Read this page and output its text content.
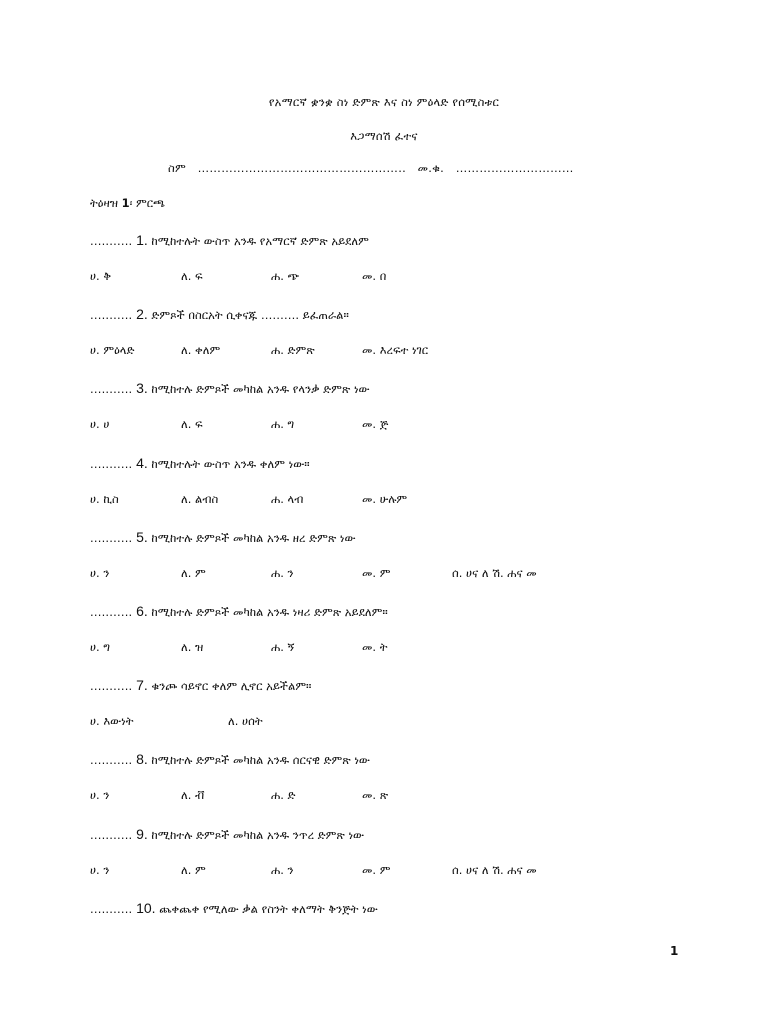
የአማርኛ ቋንቋ ስነ ድምጽ እና ስነ ምዕላድ የሰሚስቱር
እጋማሰሽ ፈተና
ስም …………………………………………….. መ.ቁ. …………………………
ትዕዛዝ 1፡ ምርጫ
........... 1. ከሚከተሉት ውስጥ አንዱ የአማርኛ ድምጽ አይደለም
ሀ. ቅ	ለ. ፍ	ሐ. ጭ	መ. በ
........... 2. ድምጾች በስርአት ሲቀናጁ ………. ይፈጠራል።
ሀ. ምዕላድ	ለ. ቀለም	ሐ. ድምጽ	መ. እረፍተ ነገር
........... 3. ከሚከተሉ ድምጾች መካከል አንዱ የላንቃ ድምጽ ነው
ሀ. ሀ	ለ. ፍ	ሐ. ግ	መ. ጅ
........... 4. ከሚከተሉት ውስጥ አንዱ ቀለም ነው።
ሀ. ኪስ	ለ. ልብስ	ሐ. ላብ	መ. ሁሉም
........... 5. ከሚከተሉ ድምጾች መካከል አንዱ ዘረ ድምጽ ነው
ሀ. ን	ለ. ም	ሐ. ን	መ. ም	ሰ. ሀና ለ ሽ. ሐና መ
........... 6. ከሚከተሉ ድምጾች መካከል አንዱ ነዛሪ ድምጽ አይደለም።
ሀ. ግ	ለ. ዝ	ሐ. ኝ	መ. ት
........... 7. ቁንጮ ሳይኖር ቀለም ሊኖር አይችልም።
ሀ. እውነት	ለ. ሀሰት
........... 8. ከሚከተሉ ድምጾች መካከል አንዱ ሰርናዊ ድምጽ ነው
ሀ. ን	ለ. ቭ	ሐ. ድ	መ. ጽ
........... 9. ከሚከተሉ ድምጾች መካከል አንዱ ንጥረ ድምጽ ነው
ሀ. ን	ለ. ም	ሐ. ን	መ. ም	ሰ. ሀና ለ ሽ. ሐና መ
........... 10. ጨቀጨቀ የሚለው ቃል የስንት ቀለማት ቅንጅት ነው
1
